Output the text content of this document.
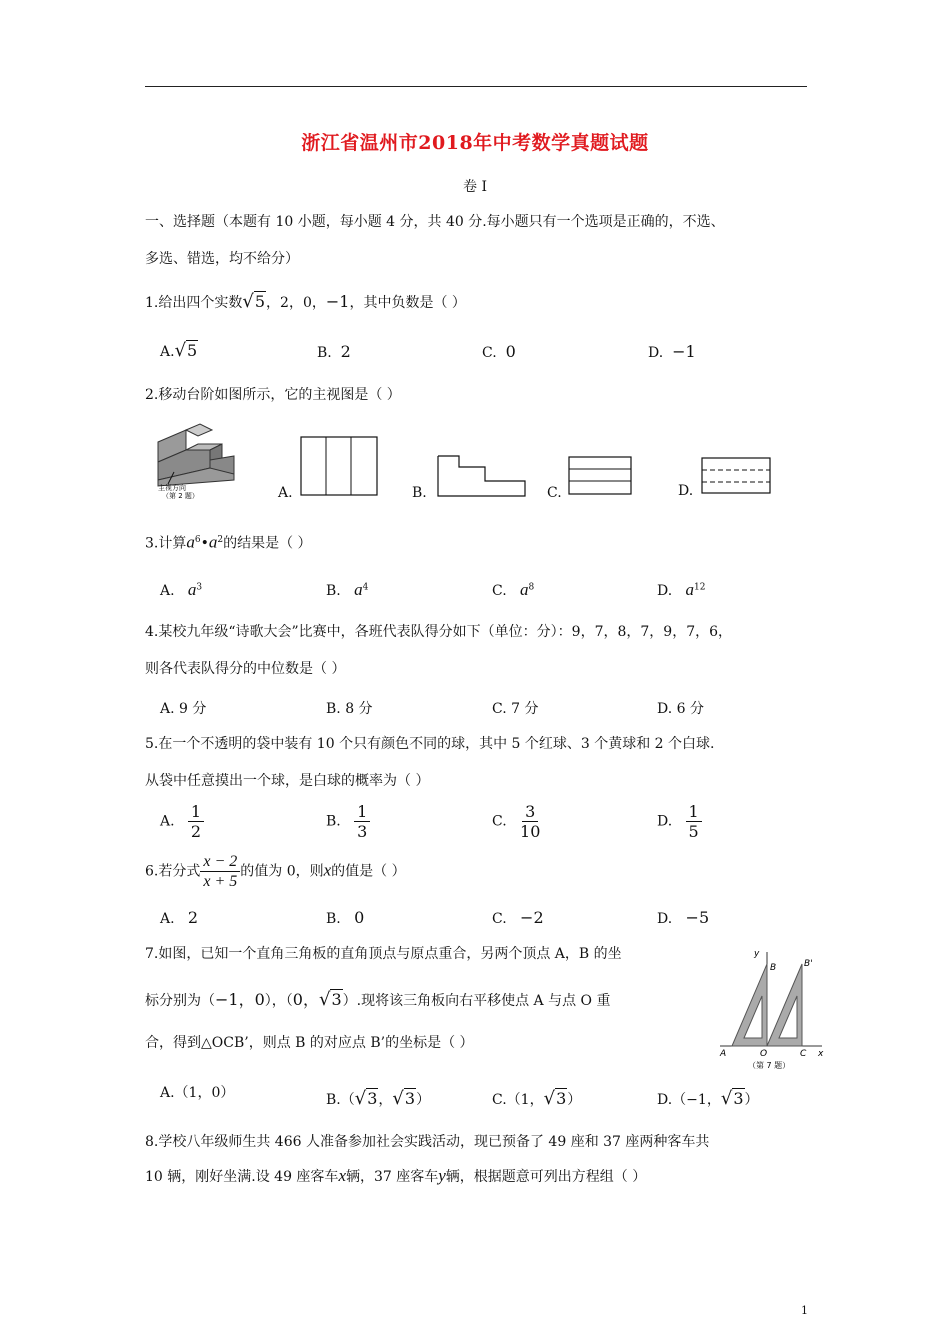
浙江省温州市2018年中考数学真题试题
卷 I
一、选择题（本题有 10 小题，每小题 4 分，共 40 分.每小题只有一个选项是正确的，不选、
多选、错选，均不给分）
1.给出四个实数√5，2，0，−1，其中负数是（ ）
A.√5	B. 2	C. 0	D. −1
2.移动台阶如图所示，它的主视图是（ ）
主视方向
（第 2 题）	A.	B.	C.	D.
3.计算$a^6•a^2$的结果是（ ）
A. $a^3$	B. $a^4$	C. $a^8$	D. $a^{12}$
4.某校九年级“诗歌大会”比赛中，各班代表队得分如下（单位：分）：9，7，8，7，9，7，6，
则各代表队得分的中位数是（ ）
A. 9 分	B. 8 分	C. 7 分	D. 6 分
5.在一个不透明的袋中装有 10 个只有颜色不同的球，其中 5 个红球、3 个黄球和 2 个白球.
从袋中任意摸出一个球，是白球的概率为（ ）
A. $\frac{1}{2}$	B. $\frac{1}{3}$	C. $\frac{3}{10}$	D. $\frac{1}{5}$
6.若分式 $\frac{x - 2}{x + 5}$ 的值为 0，则x的值是（ ）
A. 2	B. 0	C. −2	D. −5
7.如图，已知一个直角三角板的直角顶点与原点重合，另两个顶点 A，B 的坐
标分别为（−1，0），（0，√3）.现将该三角板向右平移使点 A 与点 O 重
合，得到△OCB’，则点 B 的对应点 B’的坐标是（ ）
y
x
B	B'
A	O	C
（第 7 题）
A.（1，0）	B.（√3，√3）	C.（1，√3）	D.（−1，√3）
8.学校八年级师生共 466 人准备参加社会实践活动，现已预备了 49 座和 37 座两种客车共
10 辆，刚好坐满.设 49 座客车x辆，37 座客车y辆，根据题意可列出方程组（ ）
1
